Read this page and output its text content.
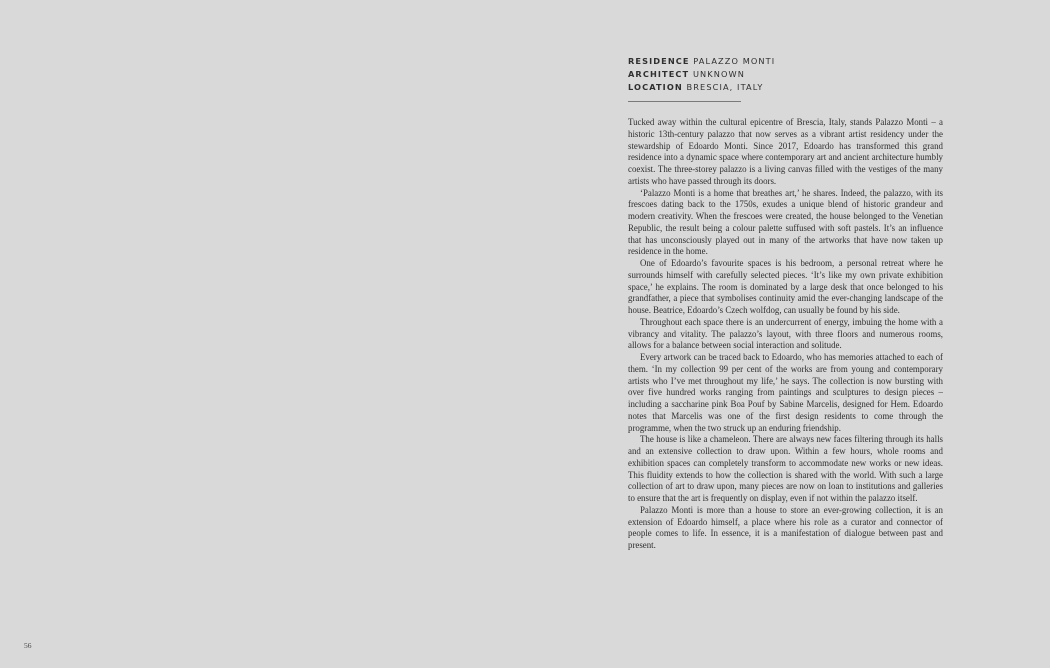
RESIDENCE PALAZZO MONTI
ARCHITECT UNKNOWN
LOCATION BRESCIA, ITALY

Tucked away within the cultural epicentre of Brescia, Italy, stands Palazzo Monti – a historic 13th-century palazzo that now serves as a vibrant artist residency under the stewardship of Edoardo Monti. Since 2017, Edoardo has transformed this grand residence into a dynamic space where contemporary art and ancient architecture humbly coexist. The three-storey palazzo is a living canvas filled with the vestiges of the many artists who have passed through its doors.

‘Palazzo Monti is a home that breathes art,’ he shares. Indeed, the palazzo, with its frescoes dating back to the 1750s, exudes a unique blend of historic grandeur and modern creativity. When the frescoes were created, the house belonged to the Venetian Republic, the result being a colour palette suffused with soft pastels. It’s an influence that has unconsciously played out in many of the artworks that have now taken up residence in the home.

One of Edoardo’s favourite spaces is his bedroom, a personal retreat where he surrounds himself with carefully selected pieces. ‘It’s like my own private exhibition space,’ he explains. The room is dominated by a large desk that once belonged to his grandfather, a piece that symbolises continuity amid the ever-changing landscape of the house. Beatrice, Edoardo’s Czech wolfdog, can usually be found by his side.

Throughout each space there is an undercurrent of energy, imbuing the home with a vibrancy and vitality. The palazzo’s layout, with three floors and numerous rooms, allows for a balance between social interaction and solitude.

Every artwork can be traced back to Edoardo, who has memories attached to each of them. ‘In my collection 99 per cent of the works are from young and contemporary artists who I’ve met throughout my life,’ he says. The collection is now bursting with over five hundred works ranging from paintings and sculptures to design pieces – including a saccharine pink Boa Pouf by Sabine Marcelis, designed for Hem. Edoardo notes that Marcelis was one of the first design residents to come through the programme, when the two struck up an enduring friendship.

The house is like a chameleon. There are always new faces filtering through its halls and an extensive collection to draw upon. Within a few hours, whole rooms and exhibition spaces can completely transform to accommodate new works or new ideas. This fluidity extends to how the collection is shared with the world. With such a large collection of art to draw upon, many pieces are now on loan to institutions and galleries to ensure that the art is frequently on display, even if not within the palazzo itself.

Palazzo Monti is more than a house to store an ever-growing collection, it is an extension of Edoardo himself, a place where his role as a curator and connector of people comes to life. In essence, it is a manifestation of dialogue between past and present.

56
